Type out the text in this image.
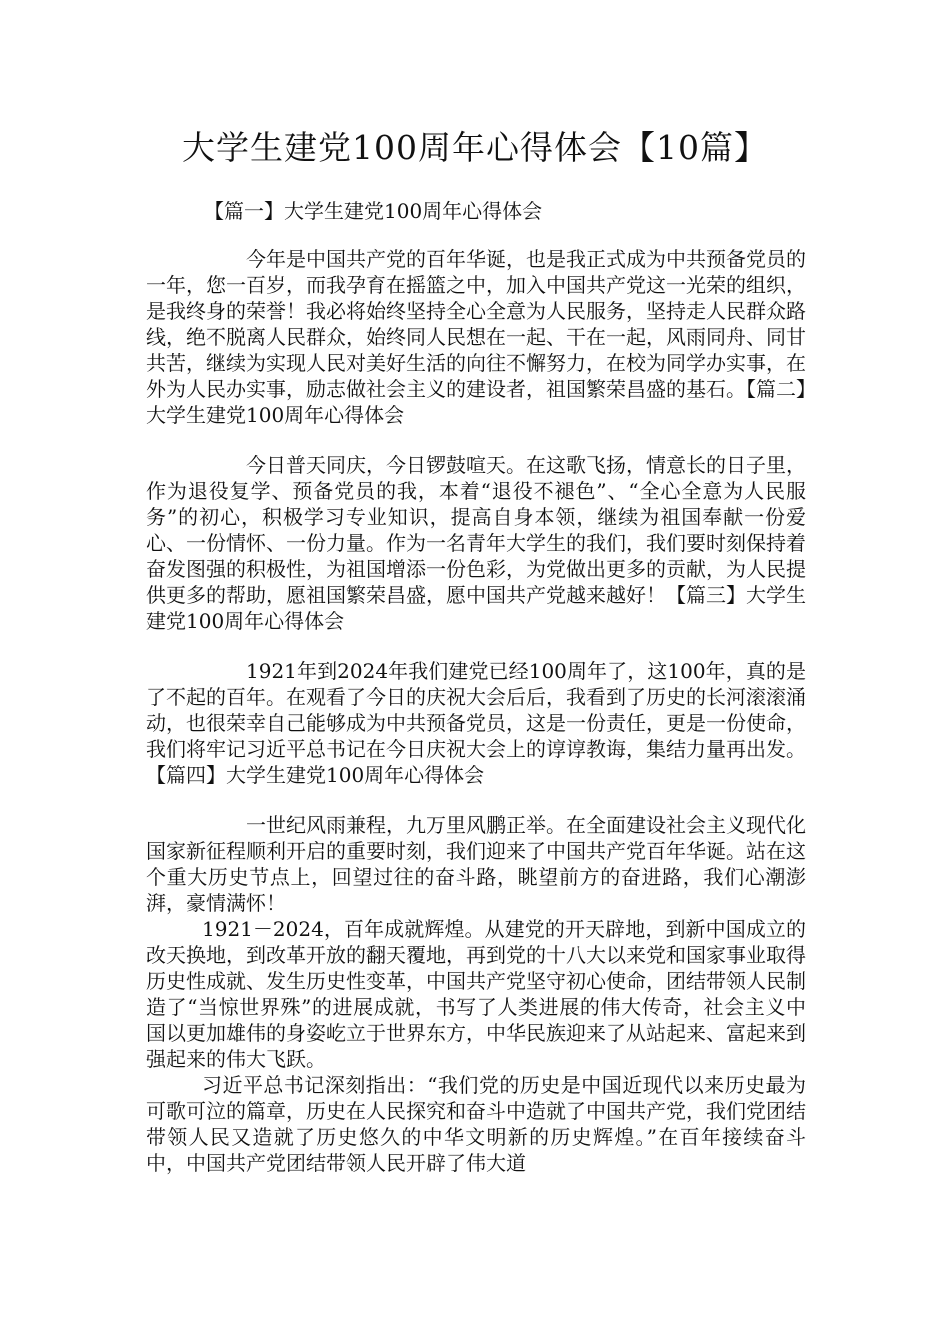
大学生建党100周年心得体会【10篇】
【篇一】大学生建党100周年心得体会

今年是中国共产党的百年华诞，也是我正式成为中共预备党员的一年，您一百岁，而我孕育在摇篮之中，加入中国共产党这一光荣的组织，是我终身的荣誉！我必将始终坚持全心全意为人民服务，坚持走人民群众路线，绝不脱离人民群众，始终同人民想在一起、干在一起，风雨同舟、同甘共苦，继续为实现人民对美好生活的向往不懈努力，在校为同学办实事，在外为人民办实事，励志做社会主义的建设者，祖国繁荣昌盛的基石。【篇二】大学生建党100周年心得体会

今日普天同庆，今日锣鼓喧天。在这歌飞扬，情意长的日子里，作为退役复学、预备党员的我，本着“退役不褪色”、“全心全意为人民服务”的初心，积极学习专业知识，提高自身本领，继续为祖国奉献一份爱心、一份情怀、一份力量。作为一名青年大学生的我们，我们要时刻保持着奋发图强的积极性，为祖国增添一份色彩，为党做出更多的贡献，为人民提供更多的帮助，愿祖国繁荣昌盛，愿中国共产党越来越好！【篇三】大学生建党100周年心得体会

1921年到2024年我们建党已经100周年了，这100年，真的是了不起的百年。在观看了今日的庆祝大会后后，我看到了历史的长河滚滚涌动，也很荣幸自己能够成为中共预备党员，这是一份责任，更是一份使命，我们将牢记习近平总书记在今日庆祝大会上的谆谆教诲，集结力量再出发。【篇四】大学生建党100周年心得体会

一世纪风雨兼程，九万里风鹏正举。在全面建设社会主义现代化国家新征程顺利开启的重要时刻，我们迎来了中国共产党百年华诞。站在这个重大历史节点上，回望过往的奋斗路，眺望前方的奋进路，我们心潮澎湃，豪情满怀！

1921－2024，百年成就辉煌。从建党的开天辟地，到新中国成立的改天换地，到改革开放的翻天覆地，再到党的十八大以来党和国家事业取得历史性成就、发生历史性变革，中国共产党坚守初心使命，团结带领人民制造了“当惊世界殊”的进展成就，书写了人类进展的伟大传奇，社会主义中国以更加雄伟的身姿屹立于世界东方，中华民族迎来了从站起来、富起来到强起来的伟大飞跃。

习近平总书记深刻指出：“我们党的历史是中国近现代以来历史最为可歌可泣的篇章，历史在人民探究和奋斗中造就了中国共产党，我们党团结带领人民又造就了历史悠久的中华文明新的历史辉煌。”在百年接续奋斗中，中国共产党团结带领人民开辟了伟大道
